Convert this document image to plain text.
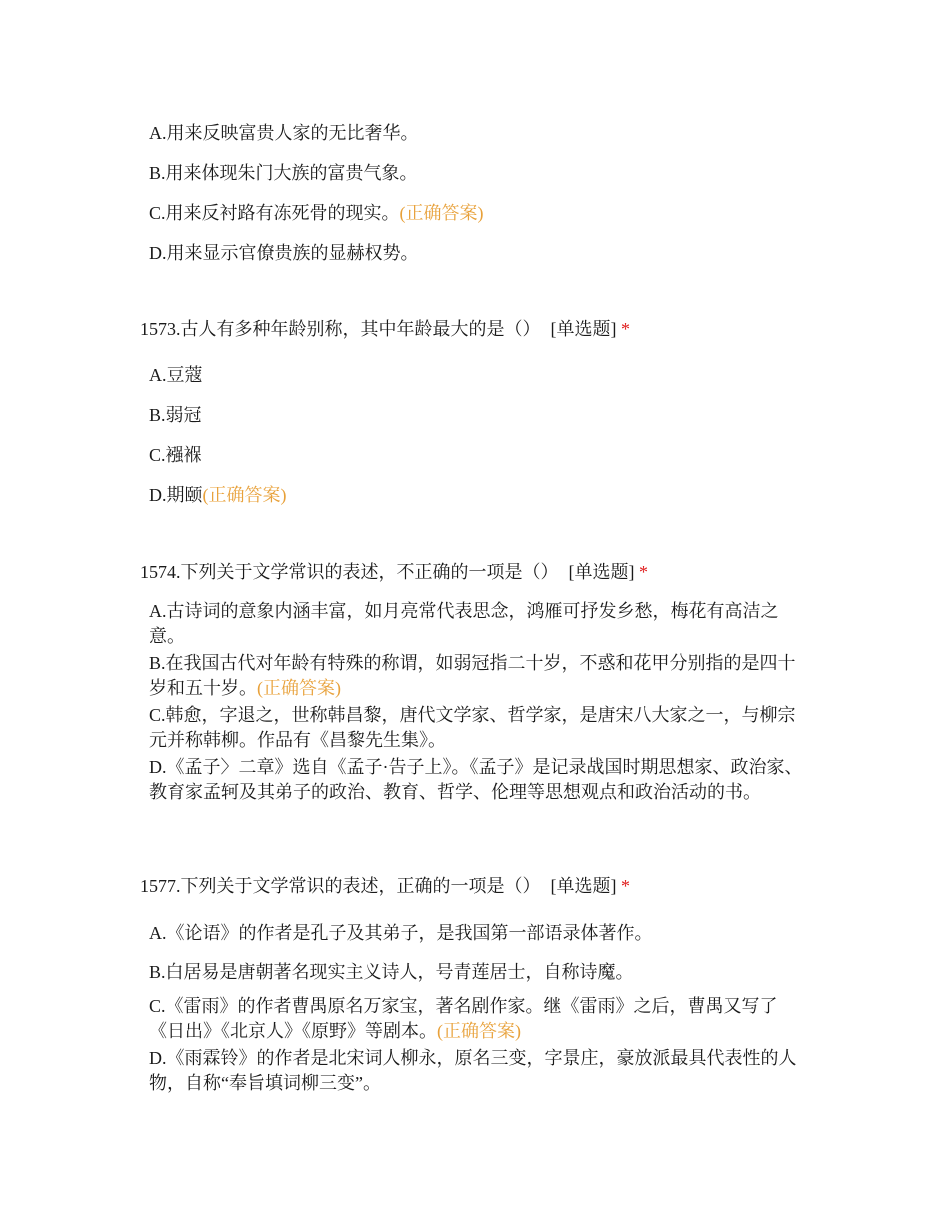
A.用来反映富贵人家的无比奢华。
B.用来体现朱门大族的富贵气象。
C.用来反衬路有冻死骨的现实。(正确答案)
D.用来显示官僚贵族的显赫权势。
1573.古人有多种年龄别称，其中年龄最大的是（） [单选题] *
A.豆蔻
B.弱冠
C.襁褓
D.期颐(正确答案)
1574.下列关于文学常识的表述，不正确的一项是（） [单选题] *
A.古诗词的意象内涵丰富，如月亮常代表思念，鸿雁可抒发乡愁，梅花有高洁之意。
B.在我国古代对年龄有特殊的称谓，如弱冠指二十岁，不惑和花甲分别指的是四十岁和五十岁。(正确答案)
C.韩愈，字退之，世称韩昌黎，唐代文学家、哲学家，是唐宋八大家之一，与柳宗元并称韩柳。作品有《昌黎先生集》。
D.《孟子〉二章》选自《孟子·告子上》。《孟子》是记录战国时期思想家、政治家、教育家孟轲及其弟子的政治、教育、哲学、伦理等思想观点和政治活动的书。
1577.下列关于文学常识的表述，正确的一项是（） [单选题] *
A.《论语》的作者是孔子及其弟子，是我国第一部语录体著作。
B.白居易是唐朝著名现实主义诗人，号青莲居士，自称诗魔。
C.《雷雨》的作者曹禺原名万家宝，著名剧作家。继《雷雨》之后，曹禺又写了《日出》《北京人》《原野》等剧本。(正确答案)
D.《雨霖铃》的作者是北宋词人柳永，原名三变，字景庄，豪放派最具代表性的人物，自称“奉旨填词柳三变”。
